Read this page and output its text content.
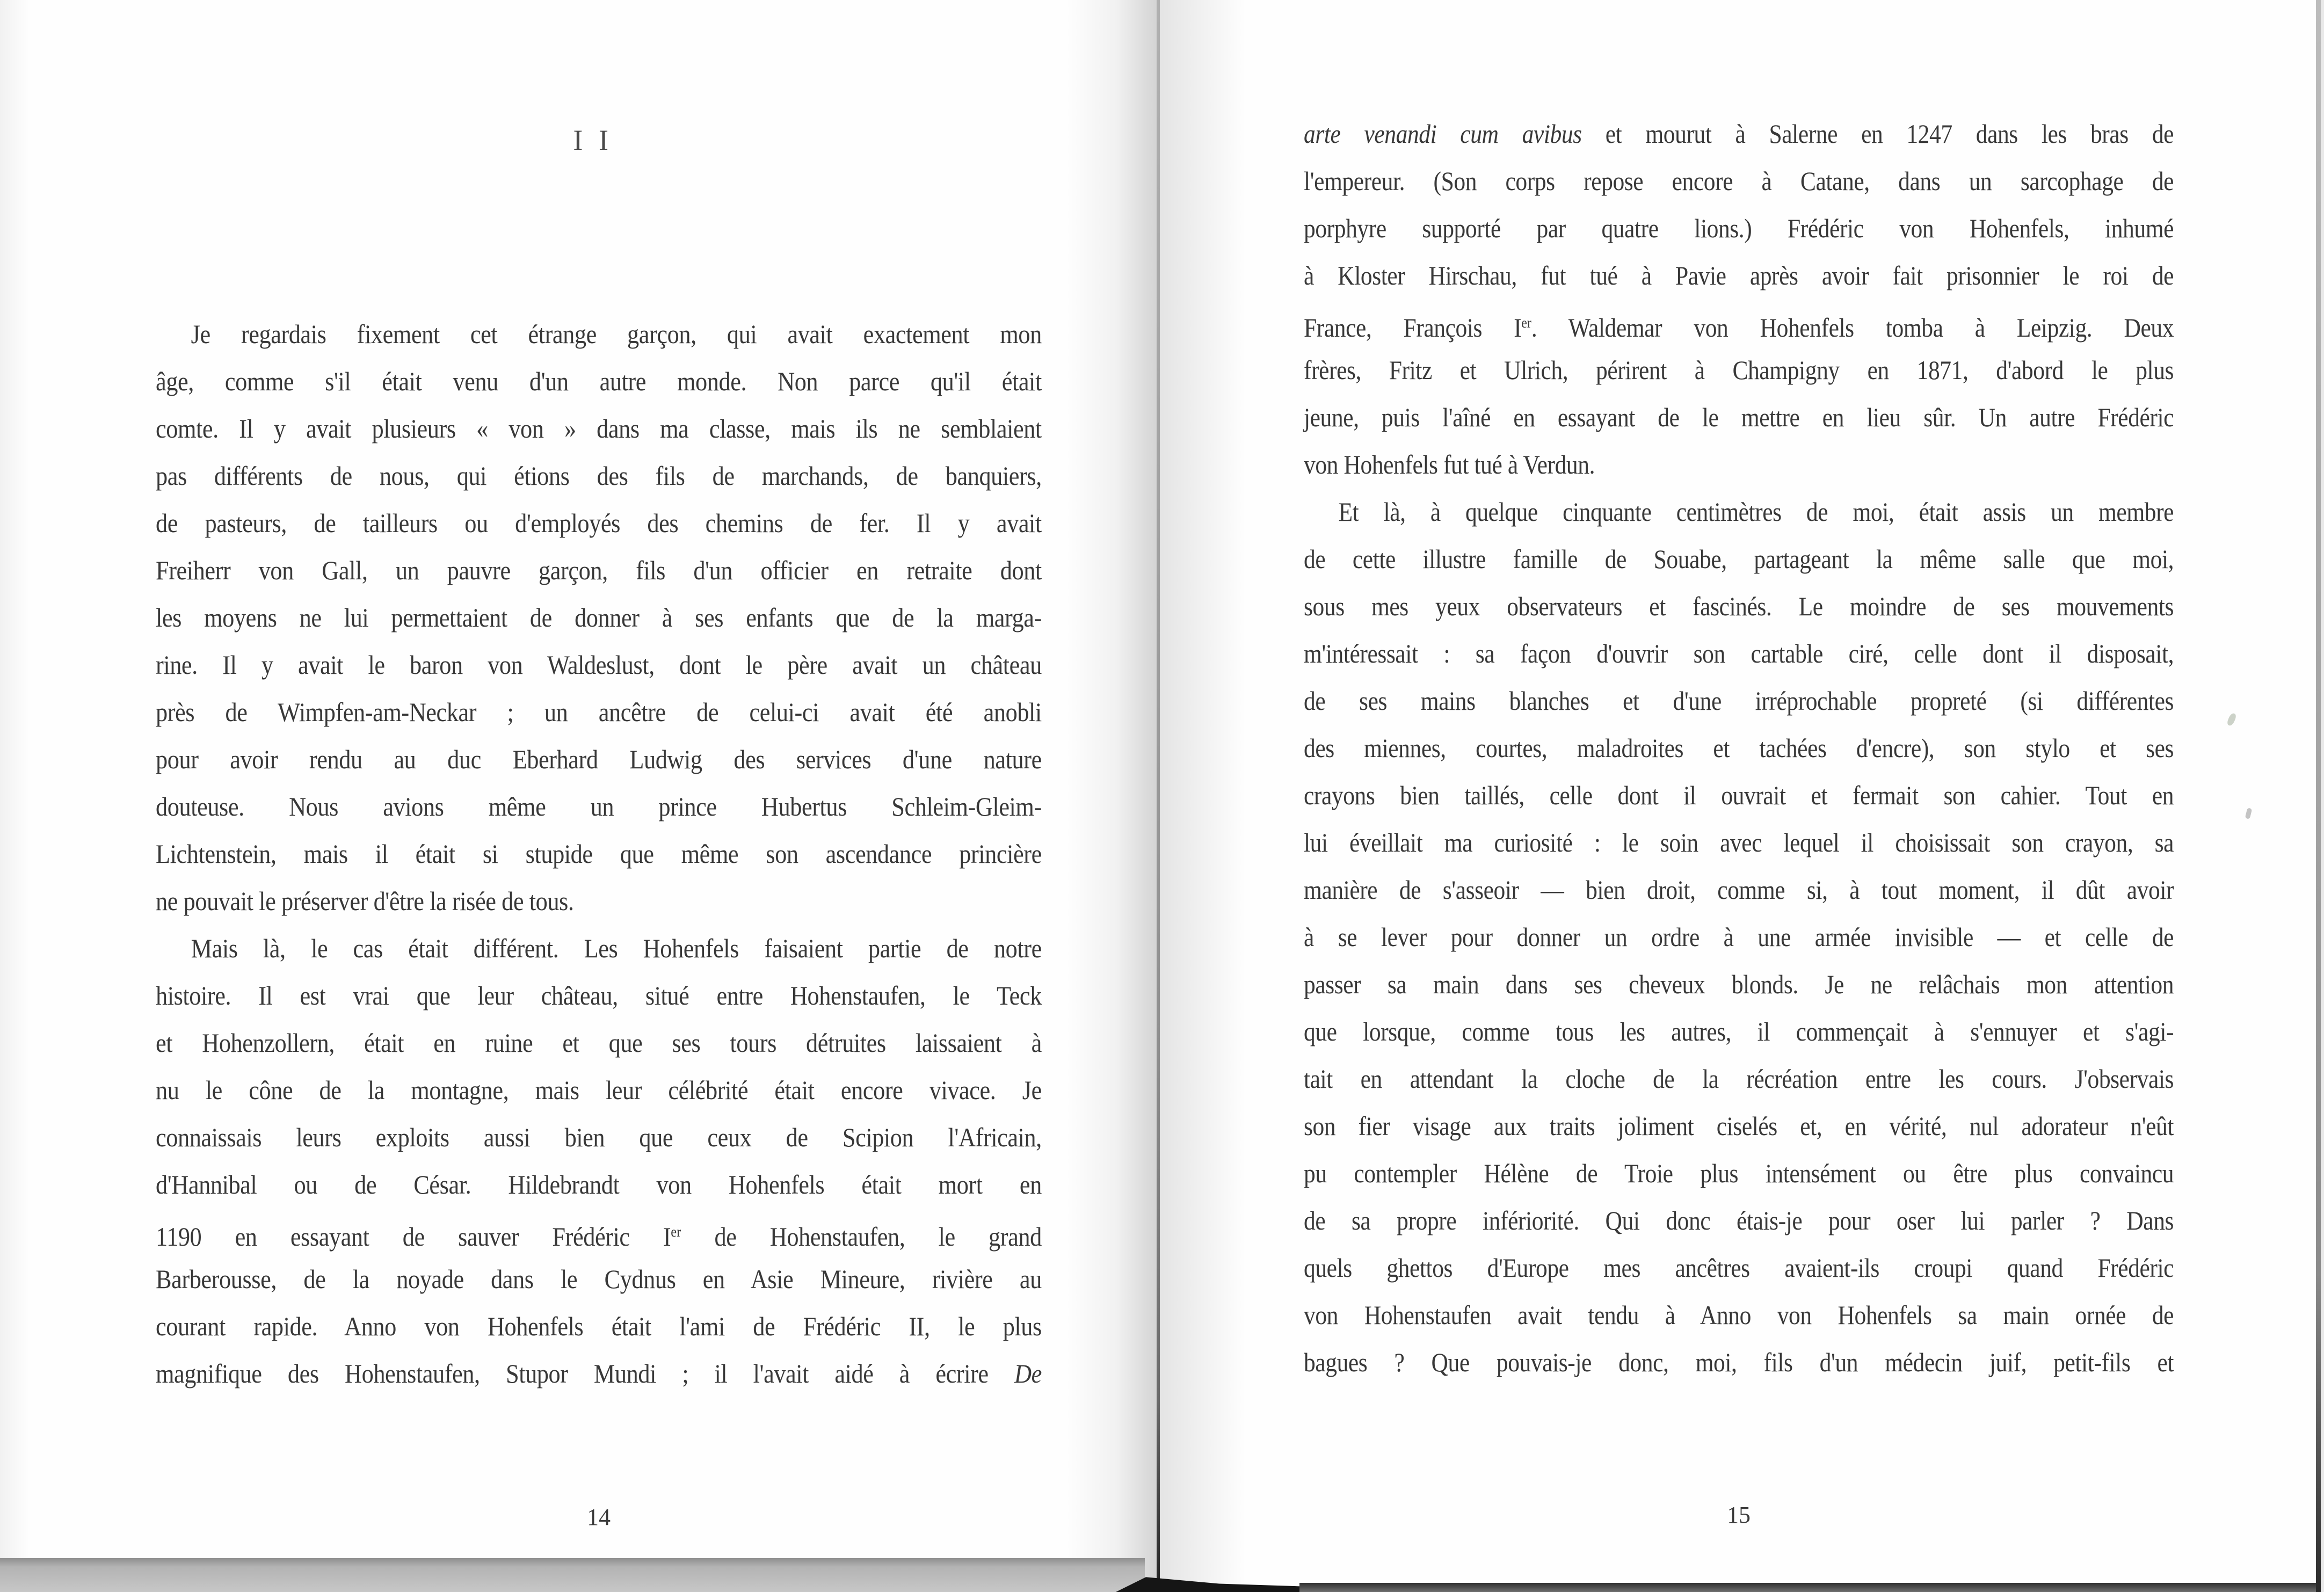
II
Je regardais fixement cet étrange garçon, qui avait exactement mon
âge, comme s'il était venu d'un autre monde. Non parce qu'il était
comte. Il y avait plusieurs « von » dans ma classe, mais ils ne semblaient
pas différents de nous, qui étions des fils de marchands, de banquiers,
de pasteurs, de tailleurs ou d'employés des chemins de fer. Il y avait
Freiherr von Gall, un pauvre garçon, fils d'un officier en retraite dont
les moyens ne lui permettaient de donner à ses enfants que de la marga-
rine. Il y avait le baron von Waldeslust, dont le père avait un château
près de Wimpfen-am-Neckar ; un ancêtre de celui-ci avait été anobli
pour avoir rendu au duc Eberhard Ludwig des services d'une nature
douteuse. Nous avions même un prince Hubertus Schleim-Gleim-
Lichtenstein, mais il était si stupide que même son ascendance princière
ne pouvait le préserver d'être la risée de tous.
Mais là, le cas était différent. Les Hohenfels faisaient partie de notre
histoire. Il est vrai que leur château, situé entre Hohenstaufen, le Teck
et Hohenzollern, était en ruine et que ses tours détruites laissaient à
nu le cône de la montagne, mais leur célébrité était encore vivace. Je
connaissais leurs exploits aussi bien que ceux de Scipion l'Africain,
d'Hannibal ou de César. Hildebrandt von Hohenfels était mort en
1190 en essayant de sauver Frédéric Ier de Hohenstaufen, le grand
Barberousse, de la noyade dans le Cydnus en Asie Mineure, rivière au
courant rapide. Anno von Hohenfels était l'ami de Frédéric II, le plus
magnifique des Hohenstaufen, Stupor Mundi ; il l'avait aidé à écrire De
14
arte venandi cum avibus et mourut à Salerne en 1247 dans les bras de
l'empereur. (Son corps repose encore à Catane, dans un sarcophage de
porphyre supporté par quatre lions.) Frédéric von Hohenfels, inhumé
à Kloster Hirschau, fut tué à Pavie après avoir fait prisonnier le roi de
France, François Ier. Waldemar von Hohenfels tomba à Leipzig. Deux
frères, Fritz et Ulrich, périrent à Champigny en 1871, d'abord le plus
jeune, puis l'aîné en essayant de le mettre en lieu sûr. Un autre Frédéric
von Hohenfels fut tué à Verdun.
Et là, à quelque cinquante centimètres de moi, était assis un membre
de cette illustre famille de Souabe, partageant la même salle que moi,
sous mes yeux observateurs et fascinés. Le moindre de ses mouvements
m'intéressait : sa façon d'ouvrir son cartable ciré, celle dont il disposait,
de ses mains blanches et d'une irréprochable propreté (si différentes
des miennes, courtes, maladroites et tachées d'encre), son stylo et ses
crayons bien taillés, celle dont il ouvrait et fermait son cahier. Tout en
lui éveillait ma curiosité : le soin avec lequel il choisissait son crayon, sa
manière de s'asseoir — bien droit, comme si, à tout moment, il dût avoir
à se lever pour donner un ordre à une armée invisible — et celle de
passer sa main dans ses cheveux blonds. Je ne relâchais mon attention
que lorsque, comme tous les autres, il commençait à s'ennuyer et s'agi-
tait en attendant la cloche de la récréation entre les cours. J'observais
son fier visage aux traits joliment ciselés et, en vérité, nul adorateur n'eût
pu contempler Hélène de Troie plus intensément ou être plus convaincu
de sa propre infériorité. Qui donc étais-je pour oser lui parler ? Dans
quels ghettos d'Europe mes ancêtres avaient-ils croupi quand Frédéric
von Hohenstaufen avait tendu à Anno von Hohenfels sa main ornée de
bagues ? Que pouvais-je donc, moi, fils d'un médecin juif, petit-fils et
15
